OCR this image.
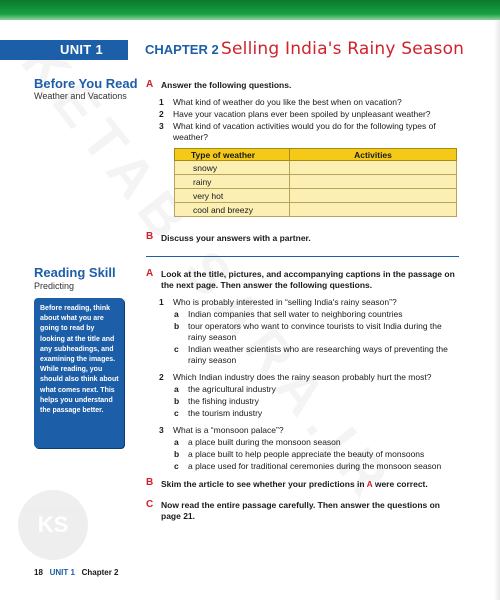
UNIT 1	CHAPTER 2 Selling India's Rainy Season
Before You Read
Weather and Vacations
A Answer the following questions.
1 What kind of weather do you like the best when on vacation?
2 Have your vacation plans ever been spoiled by unpleasant weather?
3 What kind of vacation activities would you do for the following types of weather?
Type of weather	Activities
snowy	
rainy	
very hot	
cool and breezy	
B Discuss your answers with a partner.
Reading Skill
Predicting
Before reading, think about what you are going to read by looking at the title and any subheadings, and examining the images. While reading, you should also think about what comes next. This helps you understand the passage better.
A Look at the title, pictures, and accompanying captions in the passage on the next page. Then answer the following questions.
1 Who is probably interested in “selling India's rainy season”?
a Indian companies that sell water to neighboring countries
b tour operators who want to convince tourists to visit India during the rainy season
c Indian weather scientists who are researching ways of preventing the rainy season
2 Which Indian industry does the rainy season probably hurt the most?
a the agricultural industry
b the fishing industry
c the tourism industry
3 What is a “monsoon palace”?
a a place built during the monsoon season
b a place built to help people appreciate the beauty of monsoons
c a place used for traditional ceremonies during the monsoon season
B Skim the article to see whether your predictions in A were correct.
C Now read the entire passage carefully. Then answer the questions on page 21.
KS
18 UNIT 1 Chapter 2
